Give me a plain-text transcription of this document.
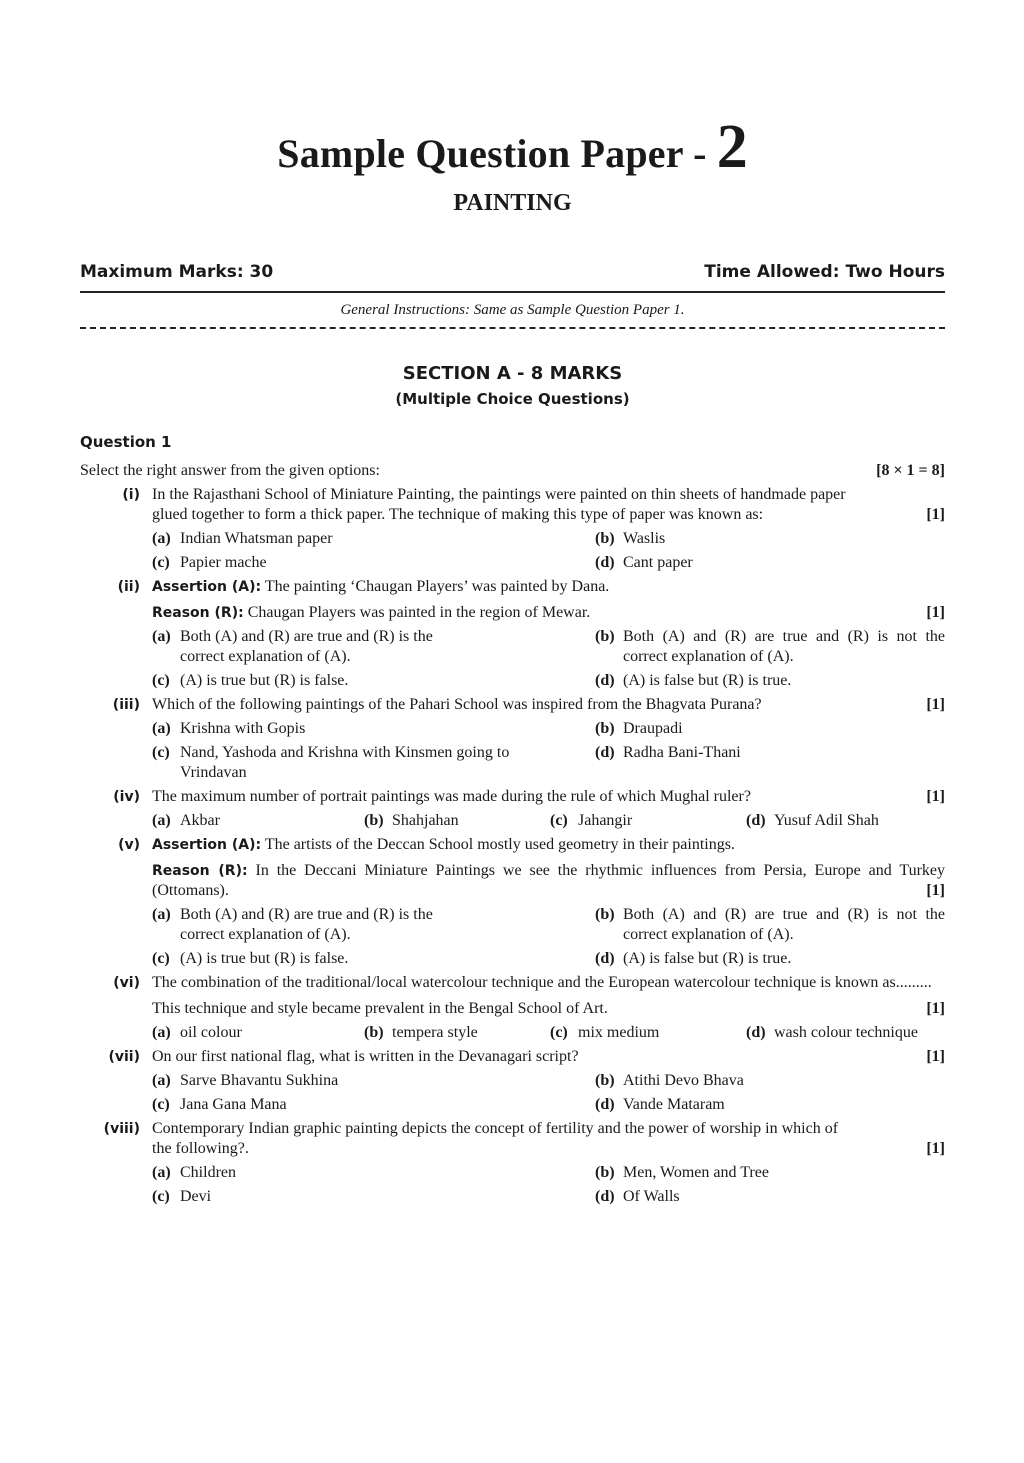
Sample Question Paper - 2
PAINTING
Maximum Marks: 30	Time Allowed: Two Hours
General Instructions: Same as Sample Question Paper 1.
SECTION A - 8 MARKS
(Multiple Choice Questions)
Question 1
Select the right answer from the given options:	[8 × 1 = 8]
(i) In the Rajasthani School of Miniature Painting, the paintings were painted on thin sheets of handmade paper
glued together to form a thick paper. The technique of making this type of paper was known as:	[1]
(a) Indian Whatsman paper	(b) Waslis
(c) Papier mache	(d) Cant paper
(ii) Assertion (A): The painting ‘Chaugan Players’ was painted by Dana.
Reason (R): Chaugan Players was painted in the region of Mewar.	[1]
(a) Both (A) and (R) are true and (R) is the correct explanation of (A).
(b) Both (A) and (R) are true and (R) is not the correct explanation of (A).
(c) (A) is true but (R) is false.	(d) (A) is false but (R) is true.
(iii) Which of the following paintings of the Pahari School was inspired from the Bhagvata Purana?	[1]
(a) Krishna with Gopis	(b) Draupadi
(c) Nand, Yashoda and Krishna with Kinsmen going to Vrindavan
(d) Radha Bani-Thani
(iv) The maximum number of portrait paintings was made during the rule of which Mughal ruler?	[1]
(a) Akbar	(b) Shahjahan	(c) Jahangir	(d) Yusuf Adil Shah
(v) Assertion (A): The artists of the Deccan School mostly used geometry in their paintings.
Reason (R): In the Deccani Miniature Paintings we see the rhythmic influences from Persia, Europe and Turkey (Ottomans).	[1]
(a) Both (A) and (R) are true and (R) is the correct explanation of (A).
(b) Both (A) and (R) are true and (R) is not the correct explanation of (A).
(c) (A) is true but (R) is false.	(d) (A) is false but (R) is true.
(vi) The combination of the traditional/local watercolour technique and the European watercolour technique is known as.........
This technique and style became prevalent in the Bengal School of Art.	[1]
(a) oil colour	(b) tempera style	(c) mix medium	(d) wash colour technique
(vii) On our first national flag, what is written in the Devanagari script?	[1]
(a) Sarve Bhavantu Sukhina	(b) Atithi Devo Bhava
(c) Jana Gana Mana	(d) Vande Mataram
(viii) Contemporary Indian graphic painting depicts the concept of fertility and the power of worship in which of
the following?.	[1]
(a) Children	(b) Men, Women and Tree
(c) Devi	(d) Of Walls
